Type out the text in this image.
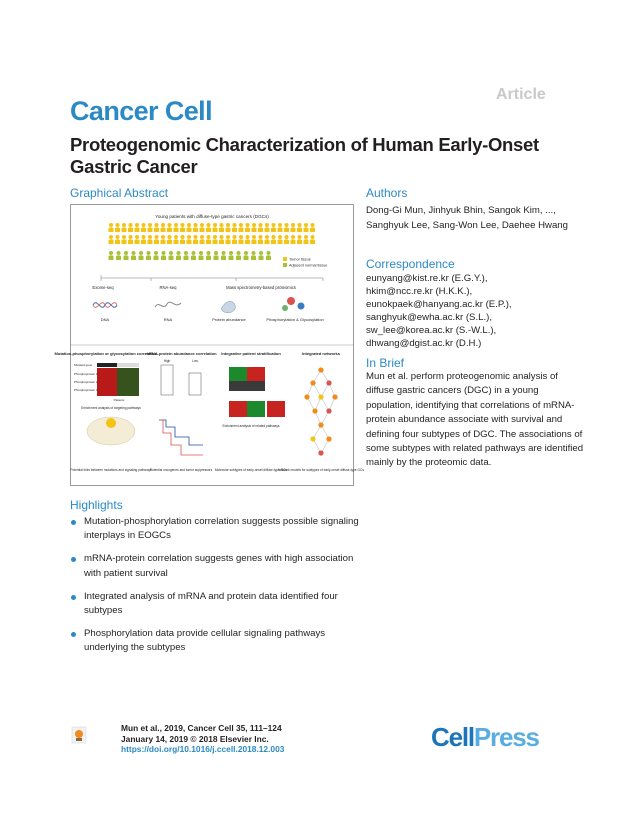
Article
Cancer Cell
Proteogenomic Characterization of Human Early-Onset Gastric Cancer
Graphical Abstract
Young patients with diffuse-type gastric cancers (DGCs)
Tumor tissue
Adjacent normal tissue
Exome-seq	RNA-seq	Mass spectrometry-based proteomics
DNA	RNA	Protein abundance	Phosphorylation & Glycosylation
Mutation-phosphorylation or glycosylation correlation
mRNA-protein abundance correlation Integrative patient stratification	Integrated networks
Mutated gene
Phosphoprotein 1
Phosphoprotein 2
Phosphoprotein 3
Patients
Enrichment analysis of targeting pathways
Potential links between mutations and signaling pathways
High	Low
Potential oncogenes and tumor suppressors
Enrichment analysis of related pathways
Molecular subtypes of early-onset diffuse-type GCs
Network models for subtypes of early-onset diffuse-type GCs
Authors
Dong-Gi Mun, Jinhyuk Bhin, Sangok Kim, ..., Sanghyuk Lee, Sang-Won Lee, Daehee Hwang
Correspondence
eunyang@kist.re.kr (E.G.Y.),
hkim@ncc.re.kr (H.K.K.),
eunokpaek@hanyang.ac.kr (E.P.),
sanghyuk@ewha.ac.kr (S.L.),
sw_lee@korea.ac.kr (S.-W.L.),
dhwang@dgist.ac.kr (D.H.)
In Brief
Mun et al. perform proteogenomic analysis of diffuse gastric cancers (DGC) in a young population, identifying that correlations of mRNA-protein abundance associate with survival and defining four subtypes of DGC. The associations of some subtypes with related pathways are identified mainly by the proteomic data.
Highlights
Mutation-phosphorylation correlation suggests possible signaling interplays in EOGCs
mRNA-protein correlation suggests genes with high association with patient survival
Integrated analysis of mRNA and protein data identified four subtypes
Phosphorylation data provide cellular signaling pathways underlying the subtypes
Mun et al., 2019, Cancer Cell 35, 111–124
January 14, 2019 © 2018 Elsevier Inc.
https://doi.org/10.1016/j.ccell.2018.12.003	CellPress
